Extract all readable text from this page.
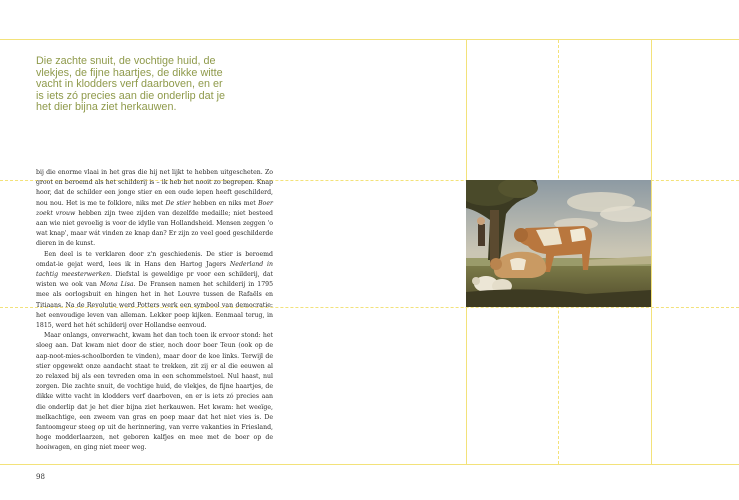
Die zachte snuit, de vochtige huid, de vlekjes, de fijne haartjes, de dikke witte vacht in klodders verf daarboven, en er is iets zó precies aan die onderlip dat je het dier bijna ziet herkauwen.

bij die enorme vlaai in het gras die hij net lijkt te hebben uitgescheten. Zo groot en beroemd als het schilderij is – ik heb het nooit zo begrepen. Knap hoor, dat de schilder een jonge stier en een oude iepen heeft geschilderd, nou nou. Het is me te folklore, niks met De stier hebben en niks met Boer zoekt vrouw hebben zijn twee zijden van dezelfde medaille; niet besteed aan wie niet gevoelig is voor de idylle van Hollandsheid. Mensen zeggen 'o wat knap', maar wát vinden ze knap dan? Er zijn zo veel goed geschilderde dieren in de kunst.

Een deel is te verklaren door z'n geschiedenis. De stier is beroemd omdat-ie gejat werd, lees ik in Hans den Hartog Jagers Nederland in tachtig meesterwerken. Diefstal is geweldige pr voor een schilderij, dat wisten we ook van Mona Lisa. De Fransen namen het schilderij in 1795 mee als oorlogsbuit en hingen het in het Louvre tussen de Rafaëls en Titiaans. Na de Revolutie werd Potters werk een symbool van democratie: het eenvoudige leven van alleman. Lekker poep kijken. Eenmaal terug, in 1815, werd het hét schilderij over Hollandse eenvoud.

Maar onlangs, onverwacht, kwam het dan toch toen ik ervoor stond: het sloeg aan. Dat kwam niet door de stier, noch door boer Teun (ook op de aap-noot-mies-schoolborden te vinden), maar door de koe links. Terwijl de stier opgewekt onze aandacht staat te trekken, zit zij er al die eeuwen al zo relaxed bij als een tevreden oma in een schommelstoel. Nul haast, nul zorgen. Die zachte snuit, de vochtige huid, de vlekjes, de fijne haartjes, de dikke witte vacht in klodders verf daarboven, en er is iets zó precies aan die onderlip dat je het dier bijna ziet herkauwen. Het kwam: het weeïge, melkachtige, een zweem van gras en poep maar dat het niet vies is. De fantoomgeur steeg op uit de herinnering, van verre vakanties in Friesland, hoge modderlaarzen, net geboren kalfjes en mee met de boer op de hooiwagen, en ging niet meer weg.

98
